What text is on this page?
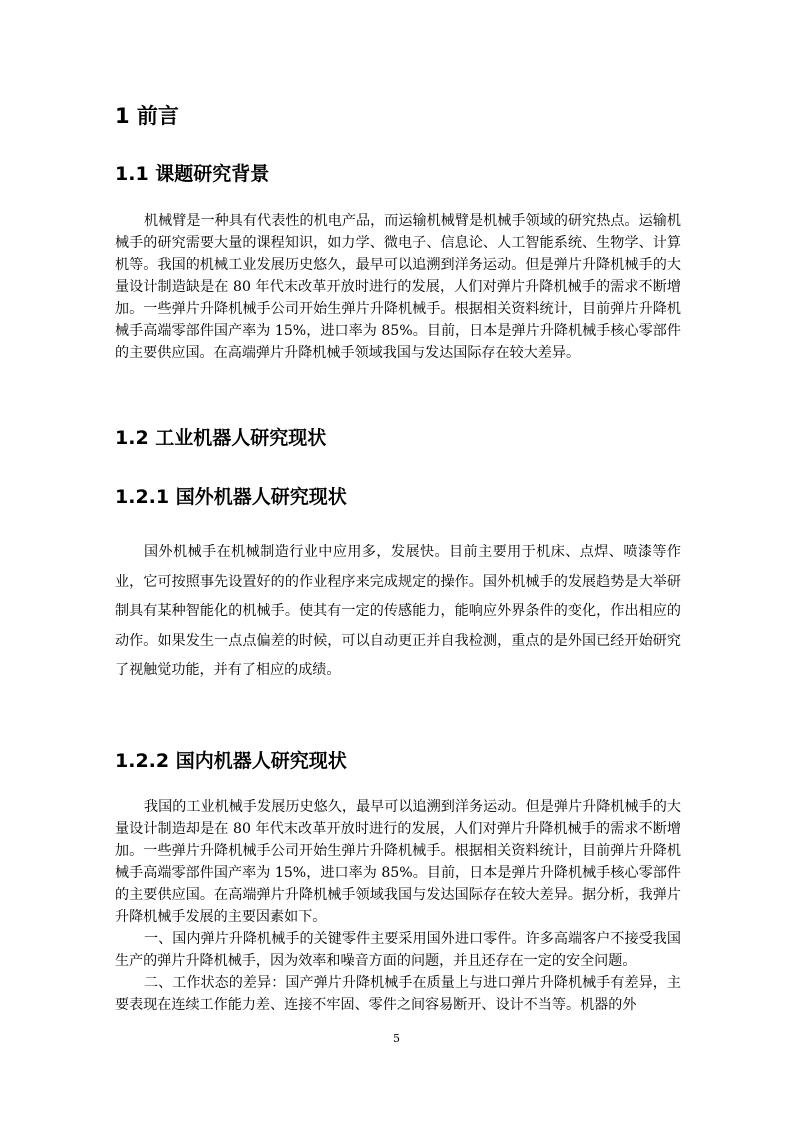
1 前言
1.1 课题研究背景

机械臂是一种具有代表性的机电产品，而运输机械臂是机械手领域的研究热点。运输机械手的研究需要大量的课程知识，如力学、微电子、信息论、人工智能系统、生物学、计算机等。我国的机械工业发展历史悠久，最早可以追溯到洋务运动。但是弹片升降机械手的大量设计制造缺是在 80 年代末改革开放时进行的发展，人们对弹片升降机械手的需求不断增加。一些弹片升降机械手公司开始生弹片升降机械手。根据相关资料统计，目前弹片升降机械手高端零部件国产率为 15%，进口率为 85%。目前，日本是弹片升降机械手核心零部件的主要供应国。在高端弹片升降机械手领域我国与发达国际存在较大差异。

1.2 工业机器人研究现状
1.2.1 国外机器人研究现状

国外机械手在机械制造行业中应用多，发展快。目前主要用于机床、点焊、喷漆等作业，它可按照事先设置好的的作业程序来完成规定的操作。国外机械手的发展趋势是大举研制具有某种智能化的机械手。使其有一定的传感能力，能响应外界条件的变化，作出相应的动作。如果发生一点点偏差的时候，可以自动更正并自我检测，重点的是外国已经开始研究了视触觉功能，并有了相应的成绩。

1.2.2 国内机器人研究现状

我国的工业机械手发展历史悠久，最早可以追溯到洋务运动。但是弹片升降机械手的大量设计制造却是在 80 年代末改革开放时进行的发展，人们对弹片升降机械手的需求不断增加。一些弹片升降机械手公司开始生弹片升降机械手。根据相关资料统计，目前弹片升降机械手高端零部件国产率为 15%，进口率为 85%。目前，日本是弹片升降机械手核心零部件的主要供应国。在高端弹片升降机械手领域我国与发达国际存在较大差异。据分析，我弹片升降机械手发展的主要因素如下。

一、国内弹片升降机械手的关键零件主要采用国外进口零件。许多高端客户不接受我国生产的弹片升降机械手，因为效率和噪音方面的问题，并且还存在一定的安全问题。

二、工作状态的差异：国产弹片升降机械手在质量上与进口弹片升降机械手有差异，主要表现在连续工作能力差、连接不牢固、零件之间容易断开、设计不当等。机器的外

5
